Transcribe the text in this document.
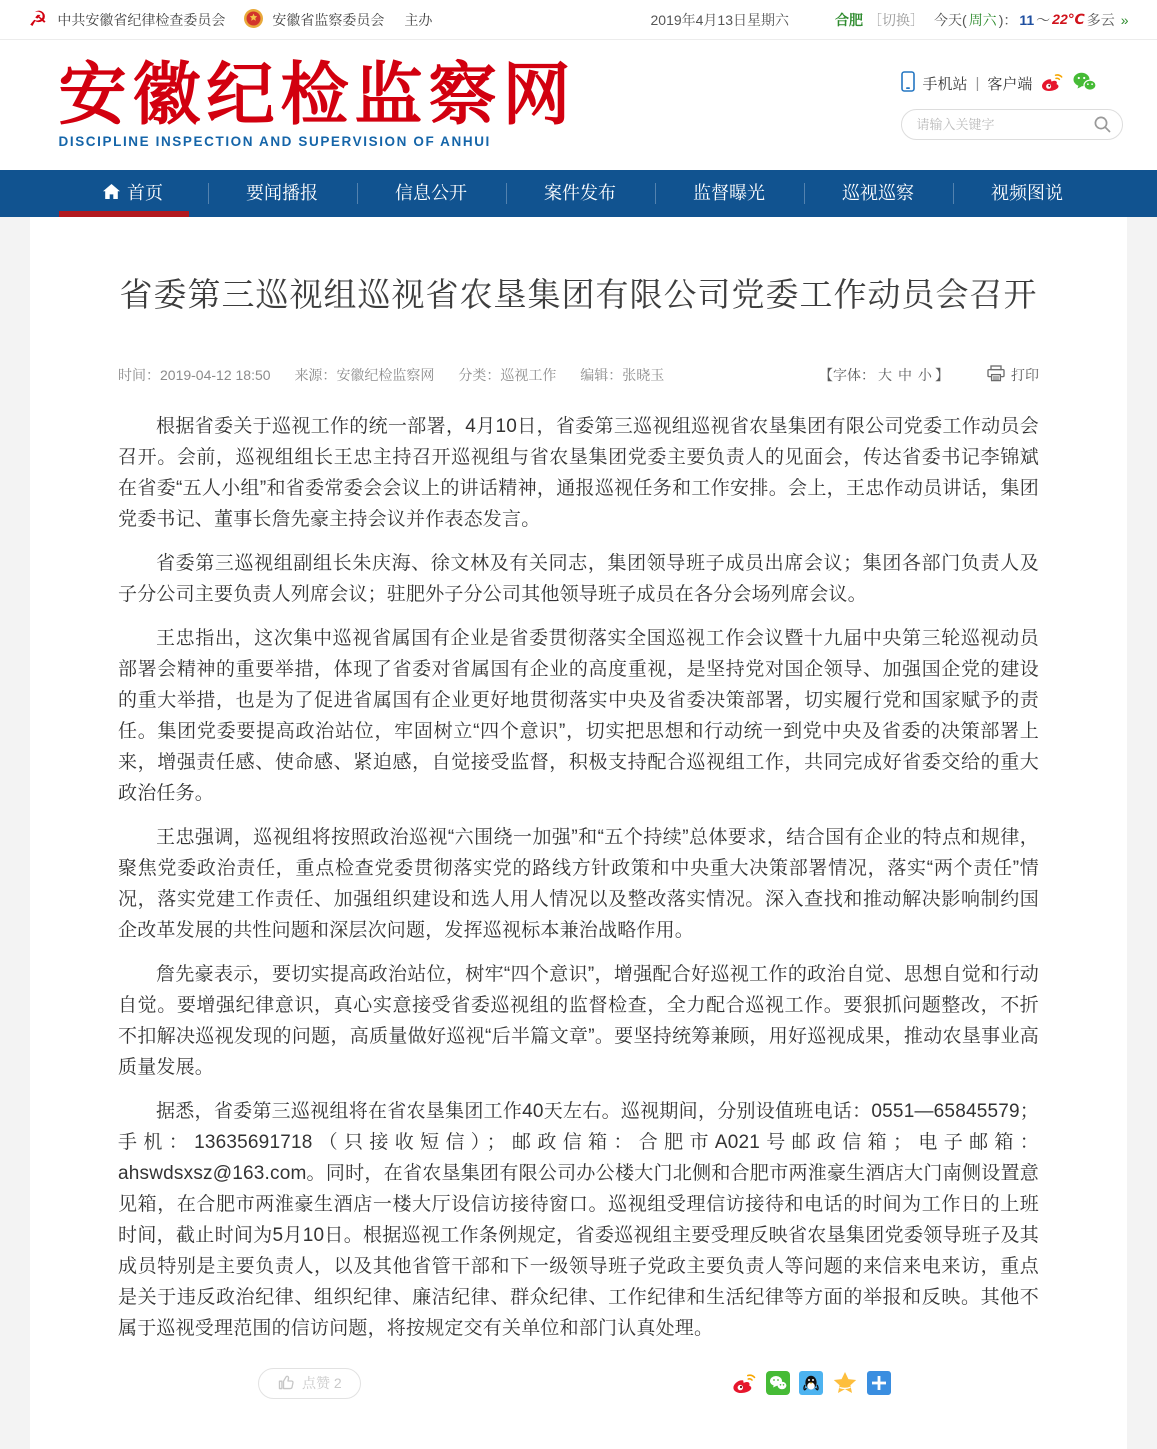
☭ 中共安徽省纪律检查委员会	安徽省监察委员会 主办	2019年4月13日星期六	合肥 ［切换］ 今天( 周六 )： 11 ～ 22℃ 多云 »
安徽纪检监察网
DISCIPLINE INSPECTION AND SUPERVISION OF ANHUI
手机站 | 客户端
请输入关键字
首页	要闻播报	信息公开	案件发布	监督曝光	巡视巡察	视频图说
省委第三巡视组巡视省农垦集团有限公司党委工作动员会召开
时间：2019-04-12 18:50 来源：安徽纪检监察网 分类：巡视工作 编辑：张晓玉	【字体： 大 中 小 】	打印

根据省委关于巡视工作的统一部署，4月10日，省委第三巡视组巡视省农垦集团有限公司党委工作动员会召开。会前，巡视组组长王忠主持召开巡视组与省农垦集团党委主要负责人的见面会，传达省委书记李锦斌在省委“五人小组”和省委常委会会议上的讲话精神，通报巡视任务和工作安排。会上，王忠作动员讲话，集团党委书记、董事长詹先豪主持会议并作表态发言。

省委第三巡视组副组长朱庆海、徐文林及有关同志，集团领导班子成员出席会议；集团各部门负责人及子分公司主要负责人列席会议；驻肥外子分公司其他领导班子成员在各分会场列席会议。

王忠指出，这次集中巡视省属国有企业是省委贯彻落实全国巡视工作会议暨十九届中央第三轮巡视动员部署会精神的重要举措，体现了省委对省属国有企业的高度重视，是坚持党对国企领导、加强国企党的建设的重大举措，也是为了促进省属国有企业更好地贯彻落实中央及省委决策部署，切实履行党和国家赋予的责任。集团党委要提高政治站位，牢固树立“四个意识”，切实把思想和行动统一到党中央及省委的决策部署上来，增强责任感、使命感、紧迫感，自觉接受监督，积极支持配合巡视组工作，共同完成好省委交给的重大政治任务。

王忠强调，巡视组将按照政治巡视“六围绕一加强”和“五个持续”总体要求，结合国有企业的特点和规律，聚焦党委政治责任，重点检查党委贯彻落实党的路线方针政策和中央重大决策部署情况，落实“两个责任”情况，落实党建工作责任、加强组织建设和选人用人情况以及整改落实情况。深入查找和推动解决影响制约国企改革发展的共性问题和深层次问题，发挥巡视标本兼治战略作用。

詹先豪表示，要切实提高政治站位，树牢“四个意识”，增强配合好巡视工作的政治自觉、思想自觉和行动自觉。要增强纪律意识，真心实意接受省委巡视组的监督检查，全力配合巡视工作。要狠抓问题整改，不折不扣解决巡视发现的问题，高质量做好巡视“后半篇文章”。要坚持统筹兼顾，用好巡视成果，推动农垦事业高质量发展。

据悉，省委第三巡视组将在省农垦集团工作40天左右。巡视期间，分别设值班电话：0551—65845579；手机：13635691718（只接收短信）；邮政信箱：合肥市A021号邮政信箱；电子邮箱：ahswdsxsz@163.com。同时，在省农垦集团有限公司办公楼大门北侧和合肥市两淮豪生酒店大门南侧设置意见箱，在合肥市两淮豪生酒店一楼大厅设信访接待窗口。巡视组受理信访接待和电话的时间为工作日的上班时间，截止时间为5月10日。根据巡视工作条例规定，省委巡视组主要受理反映省农垦集团党委领导班子及其成员特别是主要负责人，以及其他省管干部和下一级领导班子党政主要负责人等问题的来信来电来访，重点是关于违反政治纪律、组织纪律、廉洁纪律、群众纪律、工作纪律和生活纪律等方面的举报和反映。其他不属于巡视受理范围的信访问题，将按规定交有关单位和部门认真处理。

点赞 2
